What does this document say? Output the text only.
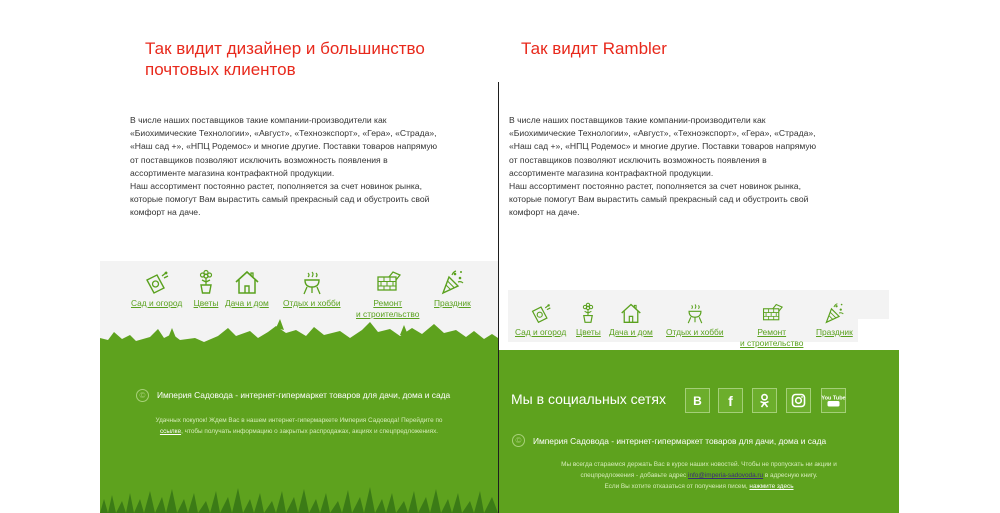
Так видит дизайнер и большинство
почтовых клиентов
Так видит Rambler

В числе наших поставщиков такие компании-производители как

«Биохимические Технологии», «Август», «Техноэкспорт», «Гера», «Страда»,

«Наш сад +», «НПЦ Родемос» и многие другие. Поставки товаров напрямую

от поставщиков позволяют исключить возможность появления в

ассортименте магазина контрафактной продукции.

Наш ассортимент постоянно растет, пополняется за счет новинок рынка,

которые помогут Вам вырастить самый прекрасный сад и обустроить свой

комфорт на даче.

В числе наших поставщиков такие компании-производители как

«Биохимические Технологии», «Август», «Техноэкспорт», «Гера», «Страда»,

«Наш сад +», «НПЦ Родемос» и многие другие. Поставки товаров напрямую

от поставщиков позволяют исключить возможность появления в

ассортименте магазина контрафактной продукции.

Наш ассортимент постоянно растет, пополняется за счет новинок рынка,

которые помогут Вам вырастить самый прекрасный сад и обустроить свой

комфорт на даче.

Сад и огород Цветы Дача и дом Отдых и хобби	Ремонт
и строительство
Праздник
©	Империя Садовода - интернет-гипермаркет товаров для дачи, дома и сада
Удачных покупок! Ждем Вас в нашем интернет-гипермаркете Империя Садовода! Перейдите по
ссылке, чтобы получать информацию о закрытых распродажах, акциях и спецпредложениях.
Сад и огород Цветы Дача и дом Отдых и хобби	Ремонт
и строительство
Праздник
Мы в социальных сетях B f	You Tube
©	Империя Садовода - интернет-гипермаркет товаров для дачи, дома и сада
Мы всегда стараемся держать Вас в курсе наших новостей. Чтобы не пропускать ни акции и
спецпредложения - добавьте адрес info@imperia-sadovoda.ru в адресную книгу.
Если Вы хотите отказаться от получения писем, нажмите здесь
